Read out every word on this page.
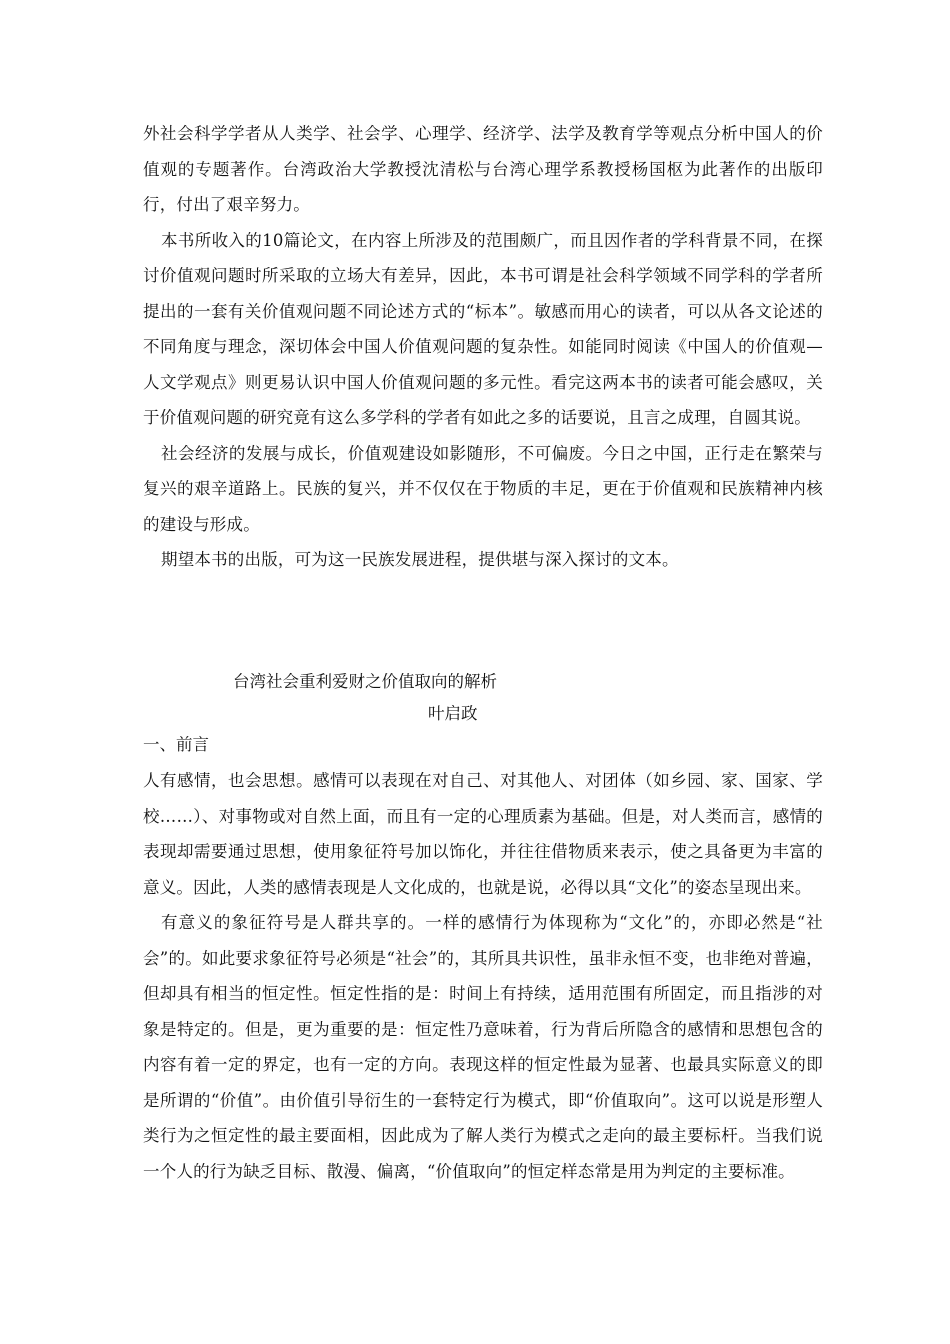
外社会科学学者从人类学、社会学、心理学、经济学、法学及教育学等观点分析中国人的价值观的专题著作。台湾政治大学教授沈清松与台湾心理学系教授杨国枢为此著作的出版印行，付出了艰辛努力。

本书所收入的10篇论文，在内容上所涉及的范围颇广，而且因作者的学科背景不同，在探讨价值观问题时所采取的立场大有差异，因此，本书可谓是社会科学领域不同学科的学者所提出的一套有关价值观问题不同论述方式的“标本”。敏感而用心的读者，可以从各文论述的不同角度与理念，深切体会中国人价值观问题的复杂性。如能同时阅读《中国人的价值观—人文学观点》则更易认识中国人价值观问题的多元性。看完这两本书的读者可能会感叹，关于价值观问题的研究竟有这么多学科的学者有如此之多的话要说，且言之成理，自圆其说。

社会经济的发展与成长，价值观建设如影随形，不可偏废。今日之中国，正行走在繁荣与复兴的艰辛道路上。民族的复兴，并不仅仅在于物质的丰足，更在于价值观和民族精神内核的建设与形成。

期望本书的出版，可为这一民族发展进程，提供堪与深入探讨的文本。

台湾社会重利爱财之价值取向的解析
叶启政
一、前言

人有感情，也会思想。感情可以表现在对自己、对其他人、对团体（如乡园、家、国家、学校……）、对事物或对自然上面，而且有一定的心理质素为基础。但是，对人类而言，感情的表现却需要通过思想，使用象征符号加以饰化，并往往借物质来表示，使之具备更为丰富的意义。因此，人类的感情表现是人文化成的，也就是说，必得以具“文化”的姿态呈现出来。

有意义的象征符号是人群共享的。一样的感情行为体现称为“文化”的，亦即必然是“社会”的。如此要求象征符号必须是“社会”的，其所具共识性，虽非永恒不变，也非绝对普遍，但却具有相当的恒定性。恒定性指的是：时间上有持续，适用范围有所固定，而且指涉的对象是特定的。但是，更为重要的是：恒定性乃意味着，行为背后所隐含的感情和思想包含的内容有着一定的界定，也有一定的方向。表现这样的恒定性最为显著、也最具实际意义的即是所谓的“价值”。由价值引导衍生的一套特定行为模式，即“价值取向”。这可以说是形塑人类行为之恒定性的最主要面相，因此成为了解人类行为模式之走向的最主要标杆。当我们说一个人的行为缺乏目标、散漫、偏离，“价值取向”的恒定样态常是用为判定的主要标准。
